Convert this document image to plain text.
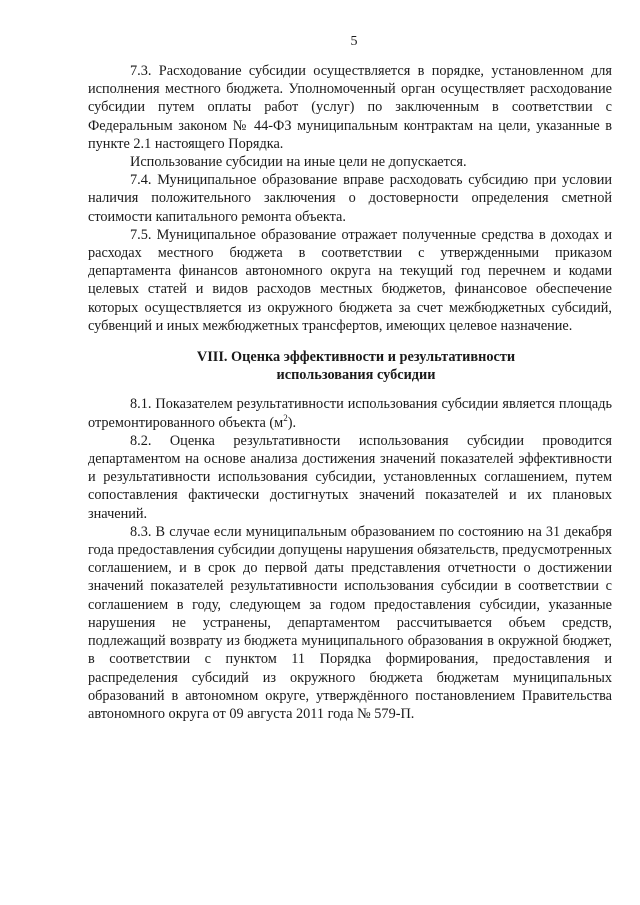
5

7.3. Расходование субсидии осуществляется в порядке, установленном для исполнения местного бюджета. Уполномоченный орган осуществляет расходование субсидии путем оплаты работ (услуг) по заключенным в соответствии с Федеральным законом № 44-ФЗ муниципальным контрактам на цели, указанные в пункте 2.1 настоящего Порядка.

Использование субсидии на иные цели не допускается.

7.4. Муниципальное образование вправе расходовать субсидию при условии наличия положительного заключения о достоверности определения сметной стоимости капитального ремонта объекта.

7.5. Муниципальное образование отражает полученные средства в доходах и расходах местного бюджета в соответствии с утвержденными приказом департамента финансов автономного округа на текущий год перечнем и кодами целевых статей и видов расходов местных бюджетов, финансовое обеспечение которых осуществляется из окружного бюджета за счет межбюджетных субсидий, субвенций и иных межбюджетных трансфертов, имеющих целевое назначение.

VIII. Оценка эффективности и результативности
использования субсидии

8.1. Показателем результативности использования субсидии является площадь отремонтированного объекта $(м^2)$.

8.2. Оценка результативности использования субсидии проводится департаментом на основе анализа достижения значений показателей эффективности и результативности использования субсидии, установленных соглашением, путем сопоставления фактически достигнутых значений показателей и их плановых значений.

8.3. В случае если муниципальным образованием по состоянию на 31 декабря года предоставления субсидии допущены нарушения обязательств, предусмотренных соглашением, и в срок до первой даты представления отчетности о достижении значений показателей результативности использования субсидии в соответствии с соглашением в году, следующем за годом предоставления субсидии, указанные нарушения не устранены, департаментом рассчитывается объем средств, подлежащий возврату из бюджета муниципального образования в окружной бюджет, в соответствии с пунктом 11 Порядка формирования, предоставления и распределения субсидий из окружного бюджета бюджетам муниципальных образований в автономном округе, утверждённого постановлением Правительства автономного округа от 09 августа 2011 года № 579-П.
